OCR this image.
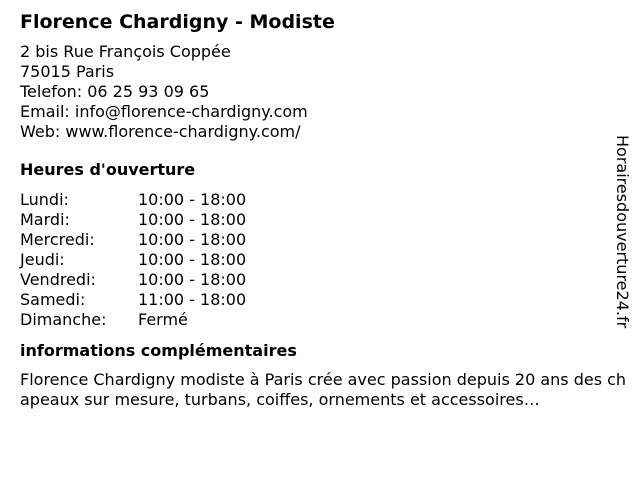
Florence Chardigny - Modiste
2 bis Rue François Coppée
75015 Paris
Telefon: 06 25 93 09 65
Email: info@florence-chardigny.com
Web: www.florence-chardigny.com/
Heures d'ouverture
Lundi:	10:00 - 18:00
Mardi:	10:00 - 18:00
Mercredi:	10:00 - 18:00
Jeudi:	10:00 - 18:00
Vendredi:	10:00 - 18:00
Samedi:	11:00 - 18:00
Dimanche:	Fermé
informations complémentaires
Florence Chardigny modiste à Paris crée avec passion depuis 20 ans des chapeaux sur mesure, turbans, coiffes, ornements et accessoires…
Horairesdouverture24.fr
